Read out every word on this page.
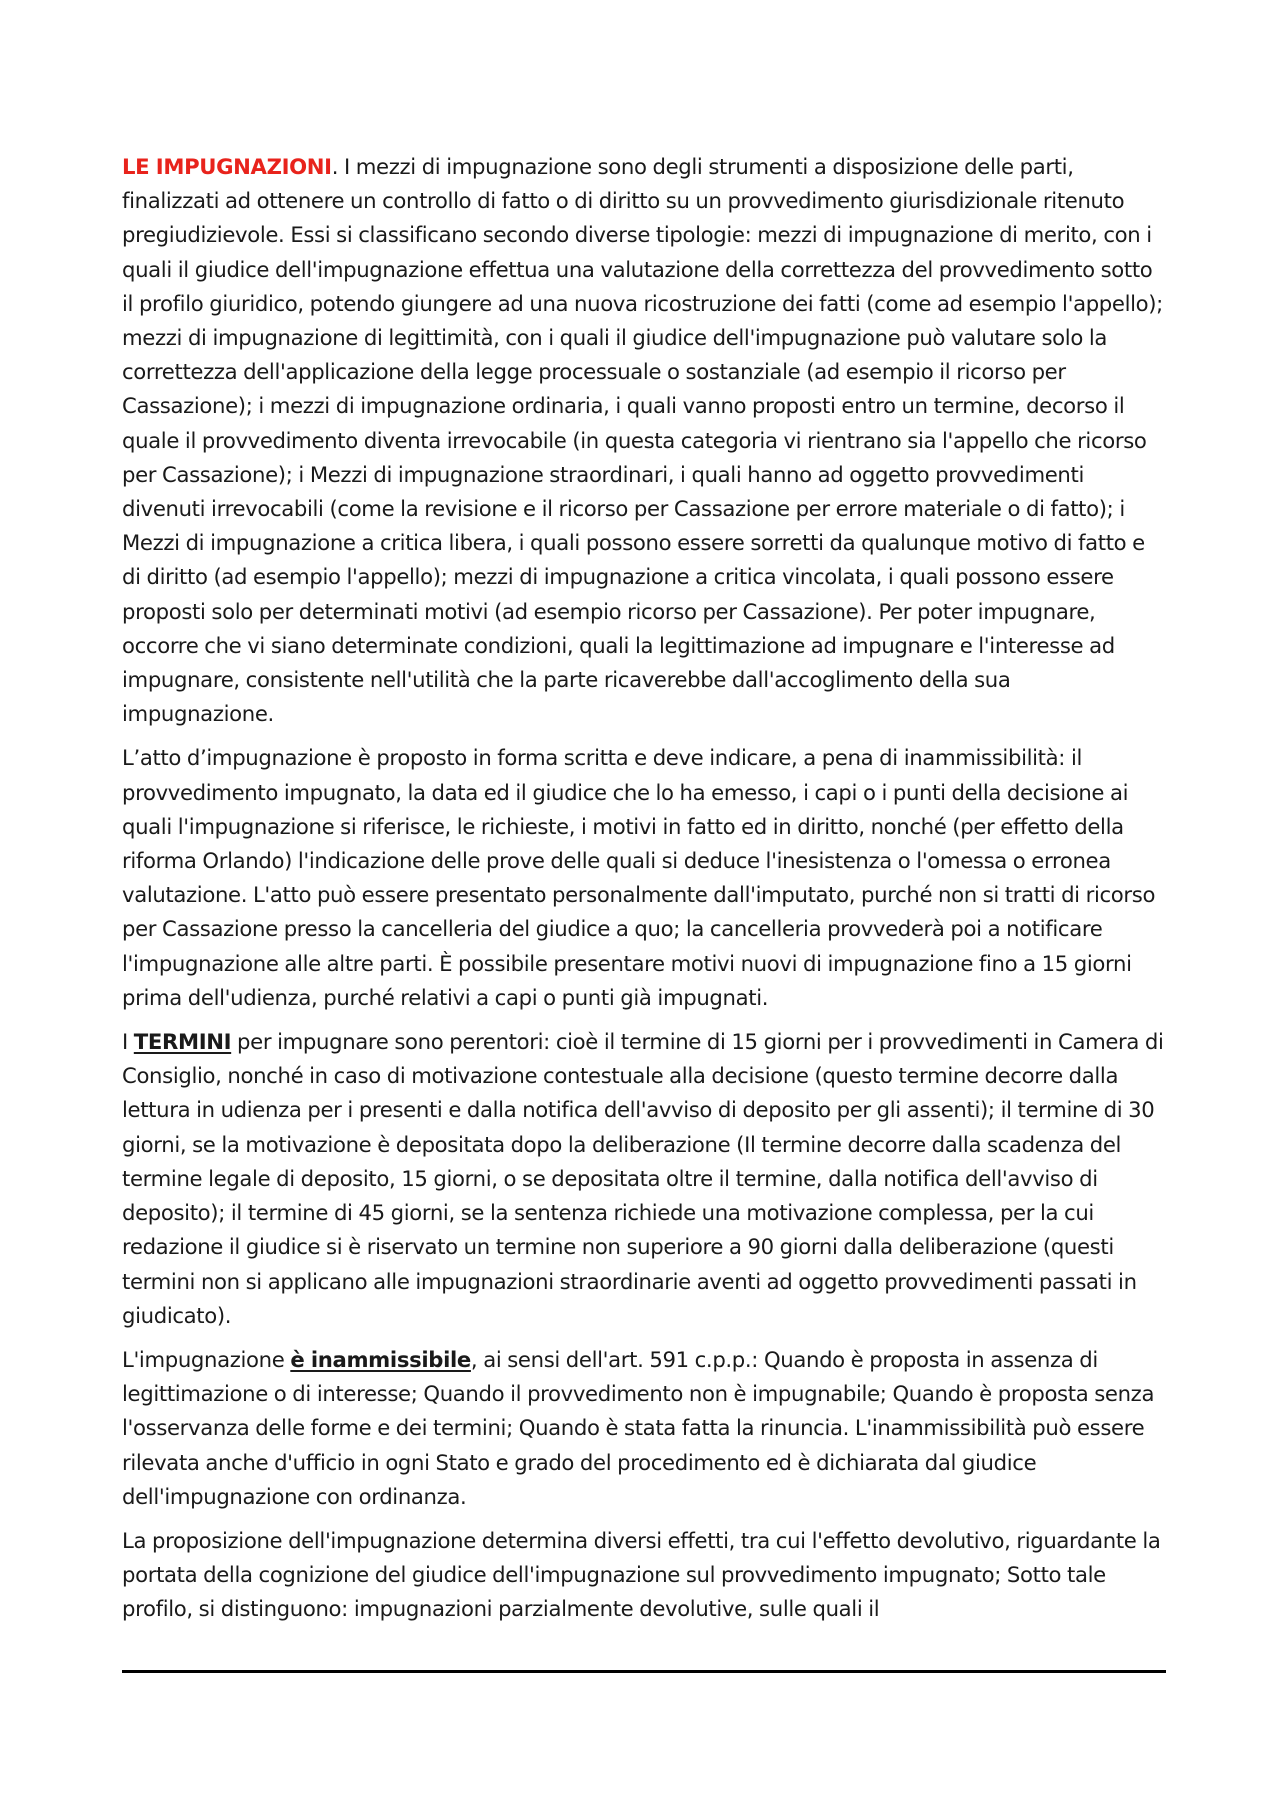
LE IMPUGNAZIONI. I mezzi di impugnazione sono degli strumenti a disposizione delle parti, finalizzati ad ottenere un controllo di fatto o di diritto su un provvedimento giurisdizionale ritenuto pregiudizievole. Essi si classificano secondo diverse tipologie: mezzi di impugnazione di merito, con i quali il giudice dell'impugnazione effettua una valutazione della correttezza del provvedimento sotto il profilo giuridico, potendo giungere ad una nuova ricostruzione dei fatti (come ad esempio l'appello); mezzi di impugnazione di legittimità, con i quali il giudice dell'impugnazione può valutare solo la correttezza dell'applicazione della legge processuale o sostanziale (ad esempio il ricorso per Cassazione); i mezzi di impugnazione ordinaria, i quali vanno proposti entro un termine, decorso il quale il provvedimento diventa irrevocabile (in questa categoria vi rientrano sia l'appello che ricorso per Cassazione); i Mezzi di impugnazione straordinari, i quali hanno ad oggetto provvedimenti divenuti irrevocabili (come la revisione e il ricorso per Cassazione per errore materiale o di fatto); i Mezzi di impugnazione a critica libera, i quali possono essere sorretti da qualunque motivo di fatto e di diritto (ad esempio l'appello); mezzi di impugnazione a critica vincolata, i quali possono essere proposti solo per determinati motivi (ad esempio ricorso per Cassazione). Per poter impugnare, occorre che vi siano determinate condizioni, quali la legittimazione ad impugnare e l'interesse ad impugnare, consistente nell'utilità che la parte ricaverebbe dall'accoglimento della sua impugnazione.

L’atto d’impugnazione è proposto in forma scritta e deve indicare, a pena di inammissibilità: il provvedimento impugnato, la data ed il giudice che lo ha emesso, i capi o i punti della decisione ai quali l'impugnazione si riferisce, le richieste, i motivi in fatto ed in diritto, nonché (per effetto della riforma Orlando) l'indicazione delle prove delle quali si deduce l'inesistenza o l'omessa o erronea valutazione. L'atto può essere presentato personalmente dall'imputato, purché non si tratti di ricorso per Cassazione presso la cancelleria del giudice a quo; la cancelleria provvederà poi a notificare l'impugnazione alle altre parti. È possibile presentare motivi nuovi di impugnazione fino a 15 giorni prima dell'udienza, purché relativi a capi o punti già impugnati.

I TERMINI per impugnare sono perentori: cioè il termine di 15 giorni per i provvedimenti in Camera di Consiglio, nonché in caso di motivazione contestuale alla decisione (questo termine decorre dalla lettura in udienza per i presenti e dalla notifica dell'avviso di deposito per gli assenti); il termine di 30 giorni, se la motivazione è depositata dopo la deliberazione (Il termine decorre dalla scadenza del termine legale di deposito, 15 giorni, o se depositata oltre il termine, dalla notifica dell'avviso di deposito); il termine di 45 giorni, se la sentenza richiede una motivazione complessa, per la cui redazione il giudice si è riservato un termine non superiore a 90 giorni dalla deliberazione (questi termini non si applicano alle impugnazioni straordinarie aventi ad oggetto provvedimenti passati in giudicato).

L'impugnazione è inammissibile, ai sensi dell'art. 591 c.p.p.: Quando è proposta in assenza di legittimazione o di interesse; Quando il provvedimento non è impugnabile; Quando è proposta senza l'osservanza delle forme e dei termini; Quando è stata fatta la rinuncia. L'inammissibilità può essere rilevata anche d'ufficio in ogni Stato e grado del procedimento ed è dichiarata dal giudice dell'impugnazione con ordinanza.

La proposizione dell'impugnazione determina diversi effetti, tra cui l'effetto devolutivo, riguardante la portata della cognizione del giudice dell'impugnazione sul provvedimento impugnato; Sotto tale profilo, si distinguono: impugnazioni parzialmente devolutive, sulle quali il
